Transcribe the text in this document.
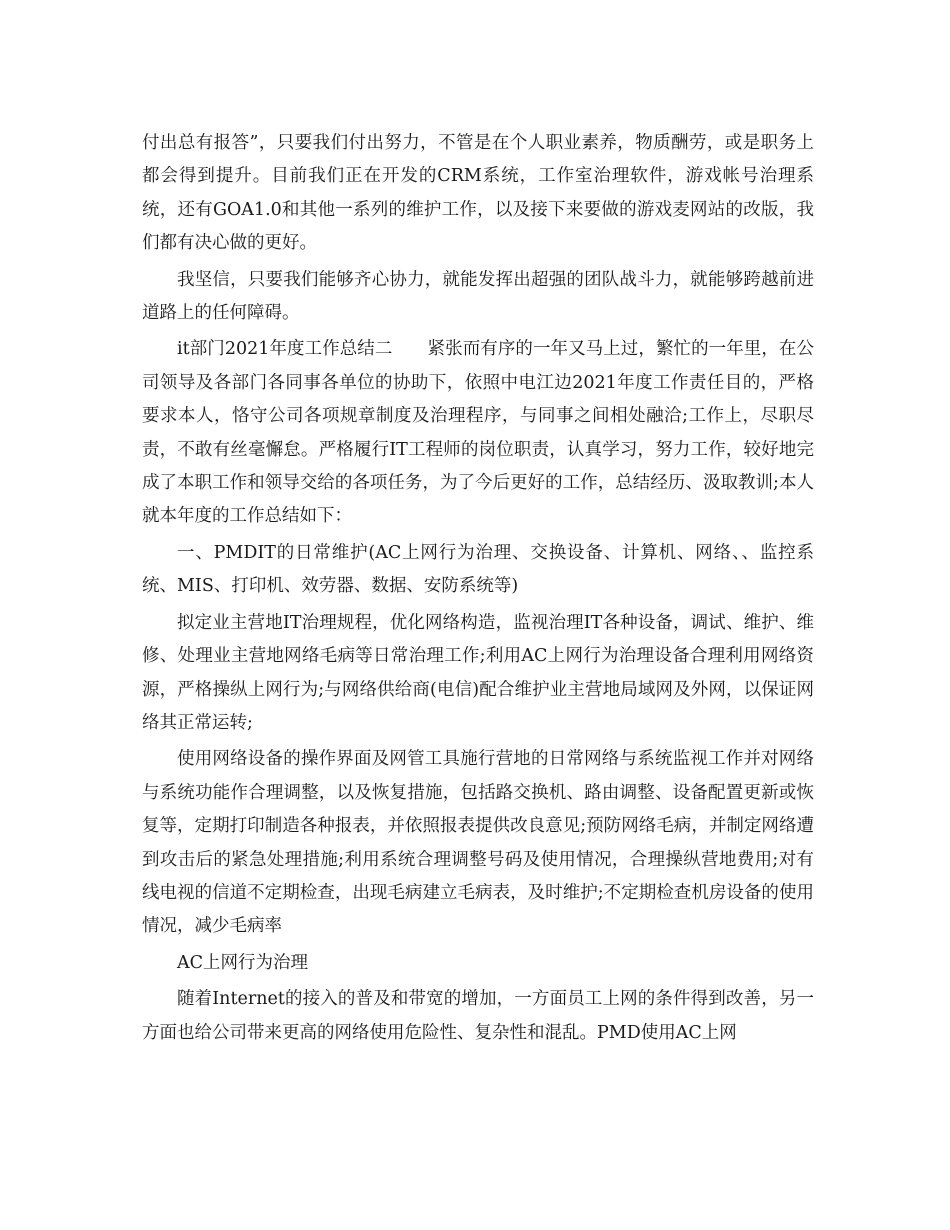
付出总有报答”，只要我们付出努力，不管是在个人职业素养，物质酬劳，或是职务上都会得到提升。目前我们正在开发的CRM系统，工作室治理软件，游戏帐号治理系统，还有GOA1.0和其他一系列的维护工作，以及接下来要做的游戏麦网站的改版，我们都有决心做的更好。

我坚信，只要我们能够齐心协力，就能发挥出超强的团队战斗力，就能够跨越前进道路上的任何障碍。

it部门2021年度工作总结二　　紧张而有序的一年又马上过，繁忙的一年里，在公司领导及各部门各同事各单位的协助下，依照中电江边2021年度工作责任目的，严格要求本人，恪守公司各项规章制度及治理程序，与同事之间相处融洽;工作上，尽职尽责，不敢有丝毫懈怠。严格履行IT工程师的岗位职责，认真学习，努力工作，较好地完成了本职工作和领导交给的各项任务，为了今后更好的工作，总结经历、汲取教训;本人就本年度的工作总结如下：

一、PMDIT的日常维护(AC上网行为治理、交换设备、计算机、网络、、监控系统、MIS、打印机、效劳器、数据、安防系统等)

拟定业主营地IT治理规程，优化网络构造，监视治理IT各种设备，调试、维护、维修、处理业主营地网络毛病等日常治理工作;利用AC上网行为治理设备合理利用网络资源，严格操纵上网行为;与网络供给商(电信)配合维护业主营地局域网及外网，以保证网络其正常运转;

使用网络设备的操作界面及网管工具施行营地的日常网络与系统监视工作并对网络与系统功能作合理调整，以及恢复措施，包括路交换机、路由调整、设备配置更新或恢复等，定期打印制造各种报表，并依照报表提供改良意见;预防网络毛病，并制定网络遭到攻击后的紧急处理措施;利用系统合理调整号码及使用情况，合理操纵营地费用;对有线电视的信道不定期检查，出现毛病建立毛病表，及时维护;不定期检查机房设备的使用情况，减少毛病率

AC上网行为治理

随着Internet的接入的普及和带宽的增加，一方面员工上网的条件得到改善，另一方面也给公司带来更高的网络使用危险性、复杂性和混乱。PMD使用AC上网
